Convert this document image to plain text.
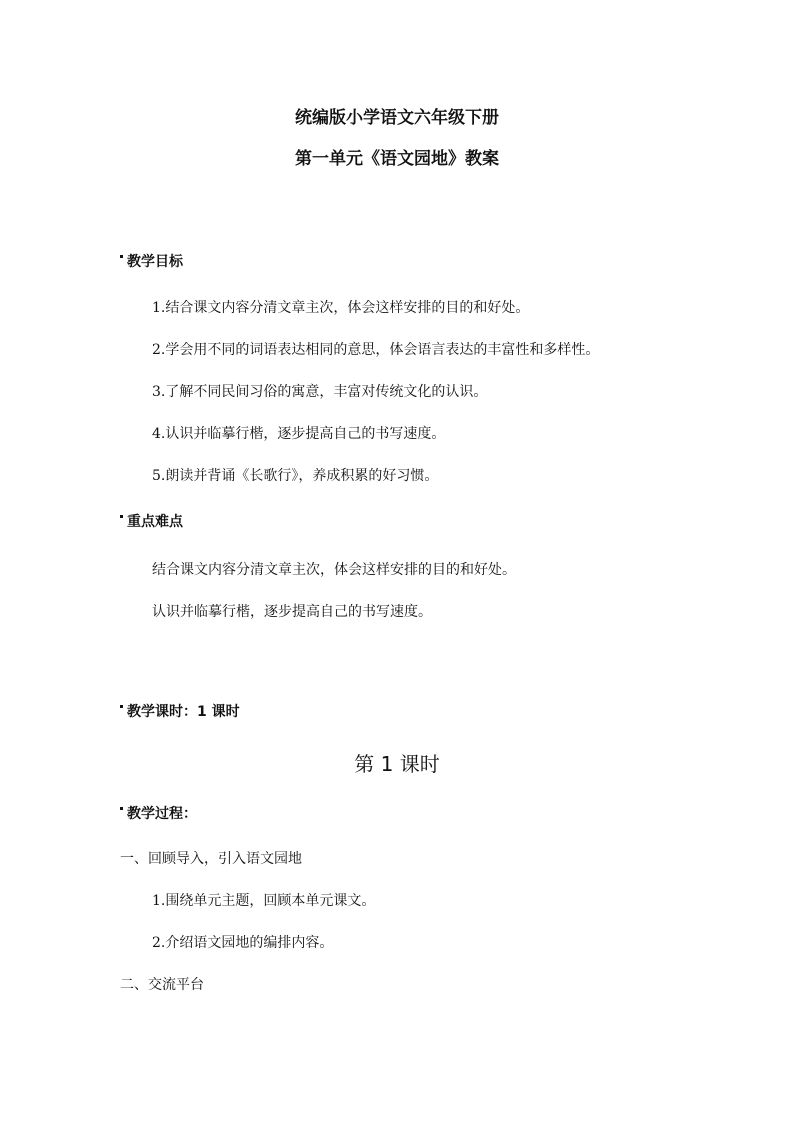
统编版小学语文六年级下册
第一单元《语文园地》教案
教学目标
1.结合课文内容分清文章主次，体会这样安排的目的和好处。
2.学会用不同的词语表达相同的意思，体会语言表达的丰富性和多样性。
3.了解不同民间习俗的寓意，丰富对传统文化的认识。
4.认识并临摹行楷，逐步提高自己的书写速度。
5.朗读并背诵《长歌行》，养成积累的好习惯。
重点难点
结合课文内容分清文章主次，体会这样安排的目的和好处。
认识并临摹行楷，逐步提高自己的书写速度。
教学课时：1 课时
第 1 课时
教学过程：
一、回顾导入，引入语文园地
1.围绕单元主题，回顾本单元课文。
2.介绍语文园地的编排内容。
二、交流平台
